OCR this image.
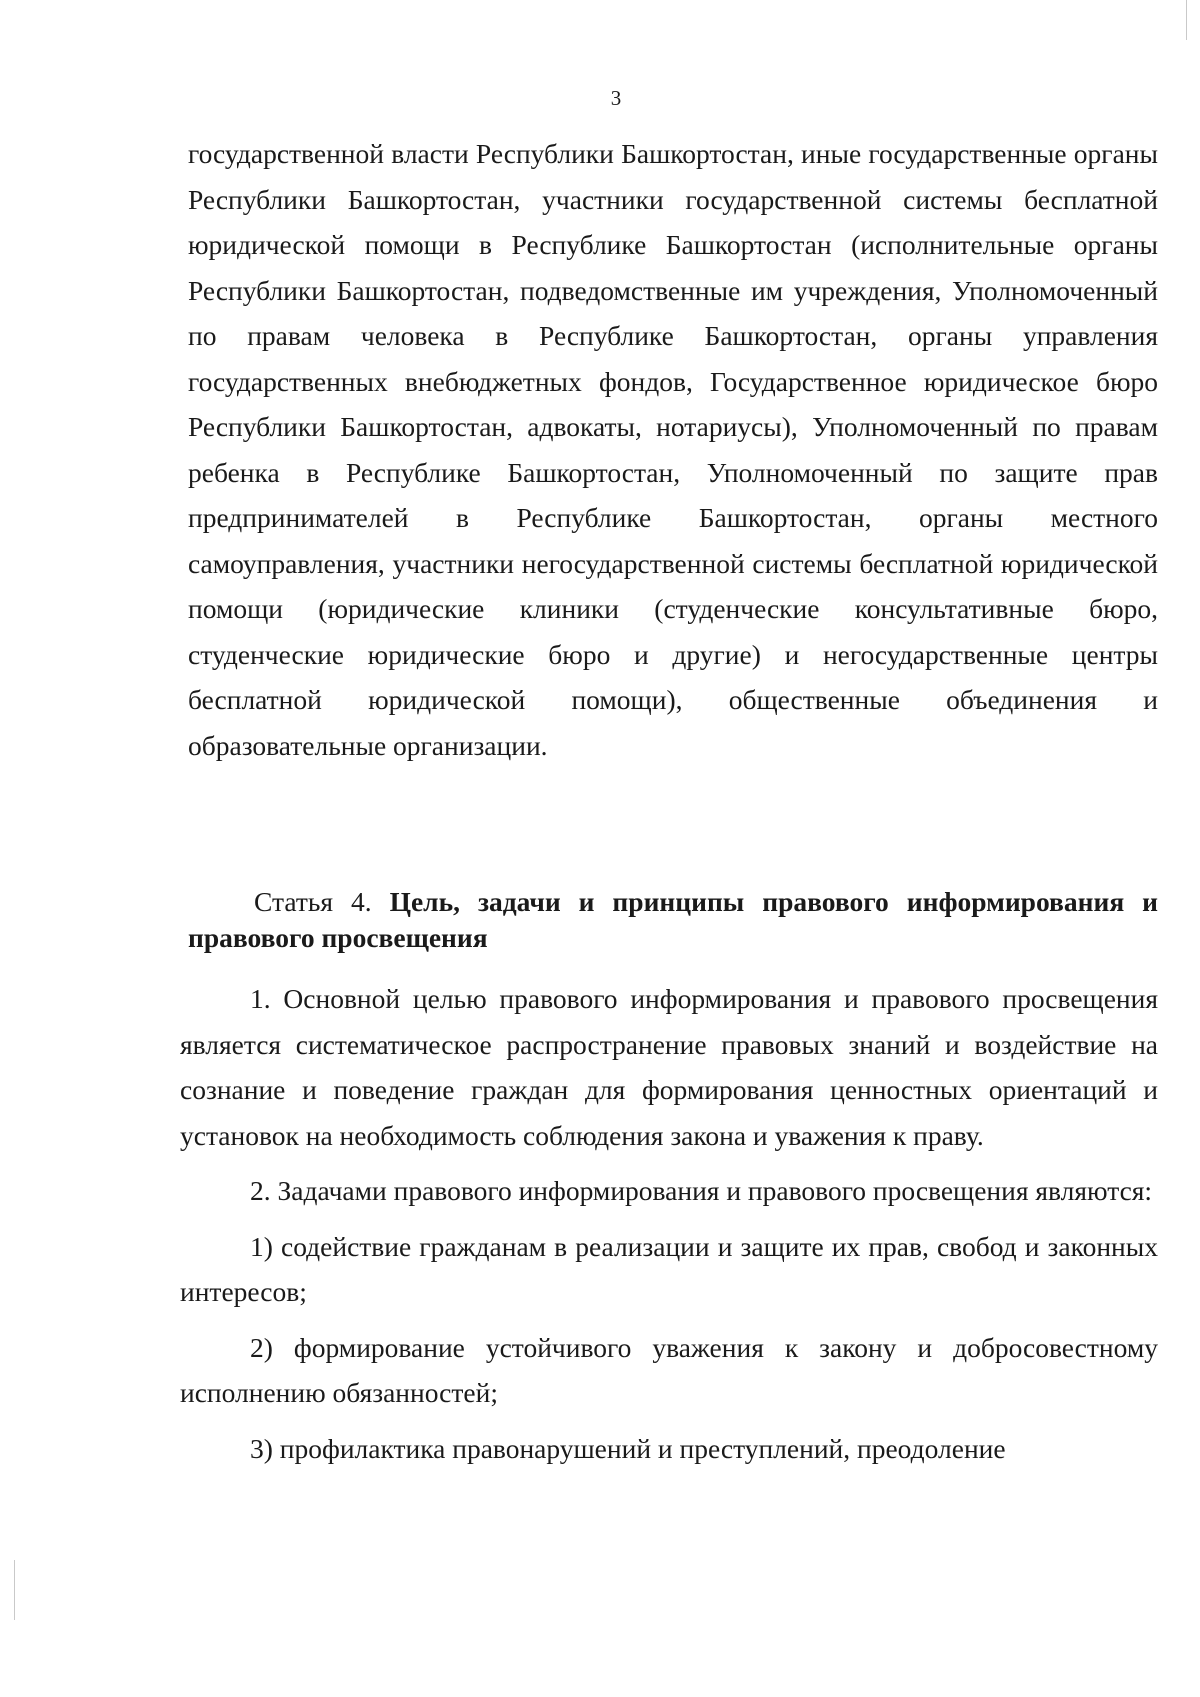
3
государственной власти Республики Башкортостан, иные государственные органы Республики Башкортостан, участники государственной системы бесплатной юридической помощи в Республике Башкортостан (исполнительные органы Республики Башкортостан, подведомственные им учреждения, Уполномоченный по правам человека в Республике Башкортостан, органы управления государственных внебюджетных фондов, Государственное юридическое бюро Республики Башкортостан, адвокаты, нотариусы), Уполномоченный по правам ребенка в Республике Башкортостан, Уполномоченный по защите прав предпринимателей в Республике Башкортостан, органы местного самоуправления, участники негосударственной системы бесплатной юридической помощи (юридические клиники (студенческие консультативные бюро, студенческие юридические бюро и другие) и негосударственные центры бесплатной юридической помощи), общественные объединения и образовательные организации.
Статья 4. Цель, задачи и принципы правового информирования и правового просвещения

1. Основной целью правового информирования и правового просвещения является систематическое распространение правовых знаний и воздействие на сознание и поведение граждан для формирования ценностных ориентаций и установок на необходимость соблюдения закона и уважения к праву.

2. Задачами правового информирования и правового просвещения являются:

1) содействие гражданам в реализации и защите их прав, свобод и законных интересов;

2) формирование устойчивого уважения к закону и добросовестному исполнению обязанностей;

3) профилактика правонарушений и преступлений, преодоление
